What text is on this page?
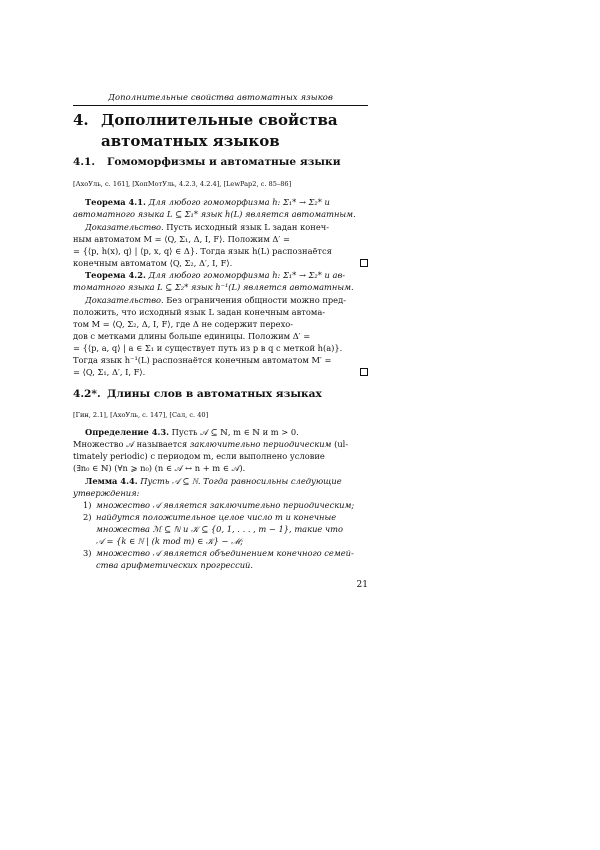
Дополнительные свойства автоматных языков
4. Дополнительные свойства автоматных языков
4.1. Гомоморфизмы и автоматные языки
[АхоУль, с. 161], [ХопМотУль, 4.2.3, 4.2.4], [LewPap2, с. 85–86]
Теорема 4.1. Для любого гомоморфизма h: Σ₁* → Σ₂* и
автоматного языка L ⊆ Σ₁* язык h(L) является автоматным.
Доказательство. Пусть исходный язык L задан конеч-
ным автоматом M = ⟨Q, Σ₁, Δ, I, F⟩. Положим Δ′ =
= {⟨p, h(x), q⟩ | ⟨p, x, q⟩ ∈ Δ}. Тогда язык h(L) распознаётся
конечным автоматом ⟨Q, Σ₂, Δ′, I, F⟩.
Теорема 4.2. Для любого гомоморфизма h: Σ₁* → Σ₂* и ав-
томатного языка L ⊆ Σ₂* язык h⁻¹(L) является автоматным.
Доказательство. Без ограничения общности можно пред-
положить, что исходный язык L задан конечным автома-
том M = ⟨Q, Σ₂, Δ, I, F⟩, где Δ не содержит перехо-
дов с метками длины больше единицы. Положим Δ′ =
= {⟨p, a, q⟩ | a ∈ Σ₁ и существует путь из p в q с меткой h(a)}.
Тогда язык h⁻¹(L) распознаётся конечным автоматом M′ =
= ⟨Q, Σ₁, Δ′, I, F⟩.
4.2*. Длины слов в автоматных языках
[Гин, 2.1], [АхоУль, с. 147], [Сал, с. 40]
Определение 4.3. Пусть 𝒜 ⊆ ℕ, m ∈ ℕ и m > 0.
Множество 𝒜 называется заключительно периодическим (ul-
timately periodic) с периодом m, если выполнено условие
(∃n₀ ∈ ℕ) (∀n ⩾ n₀) (n ∈ 𝒜 ↔ n + m ∈ 𝒜).
Лемма 4.4. Пусть 𝒜 ⊆ ℕ. Тогда равносильны следующие
утверждения:
1) множество 𝒜 является заключительно периодическим;
2) найдутся положительное целое число m и конечные
множества ℳ ⊆ ℕ и 𝒦 ⊆ {0, 1, . . . , m − 1}, такие что
𝒜 = {k ∈ ℕ | (k mod m) ∈ 𝒦} − ℳ;
3) множество 𝒜 является объединением конечного семей-
ства арифметических прогрессий.
21
